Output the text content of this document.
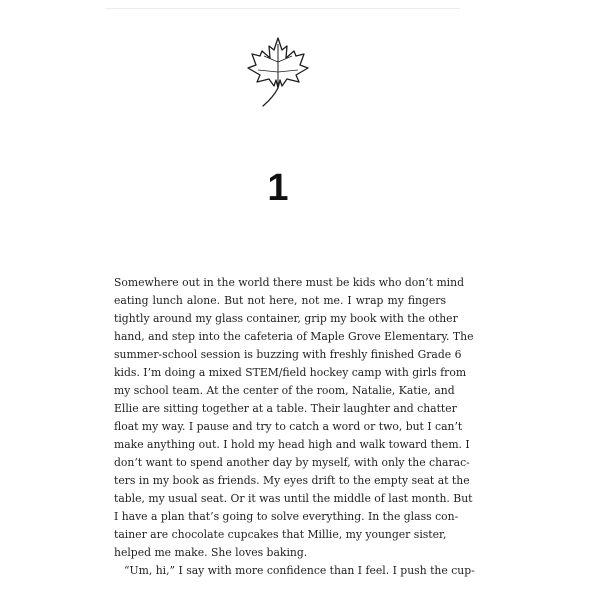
1
Somewhere out in the world there must be kids who don’t mind
eating lunch alone. But not here, not me. I wrap my fingers
tightly around my glass container, grip my book with the other
hand, and step into the cafeteria of Maple Grove Elementary. The
summer-school session is buzzing with freshly finished Grade 6
kids. I’m doing a mixed STEM/field hockey camp with girls from
my school team. At the center of the room, Natalie, Katie, and
Ellie are sitting together at a table. Their laughter and chatter
float my way. I pause and try to catch a word or two, but I can’t
make anything out. I hold my head high and walk toward them. I
don’t want to spend another day by myself, with only the charac-
ters in my book as friends. My eyes drift to the empty seat at the
table, my usual seat. Or it was until the middle of last month. But
I have a plan that’s going to solve everything. In the glass con-
tainer are chocolate cupcakes that Millie, my younger sister,
helped me make. She loves baking.
“Um, hi,” I say with more confidence than I feel. I push the cup-
